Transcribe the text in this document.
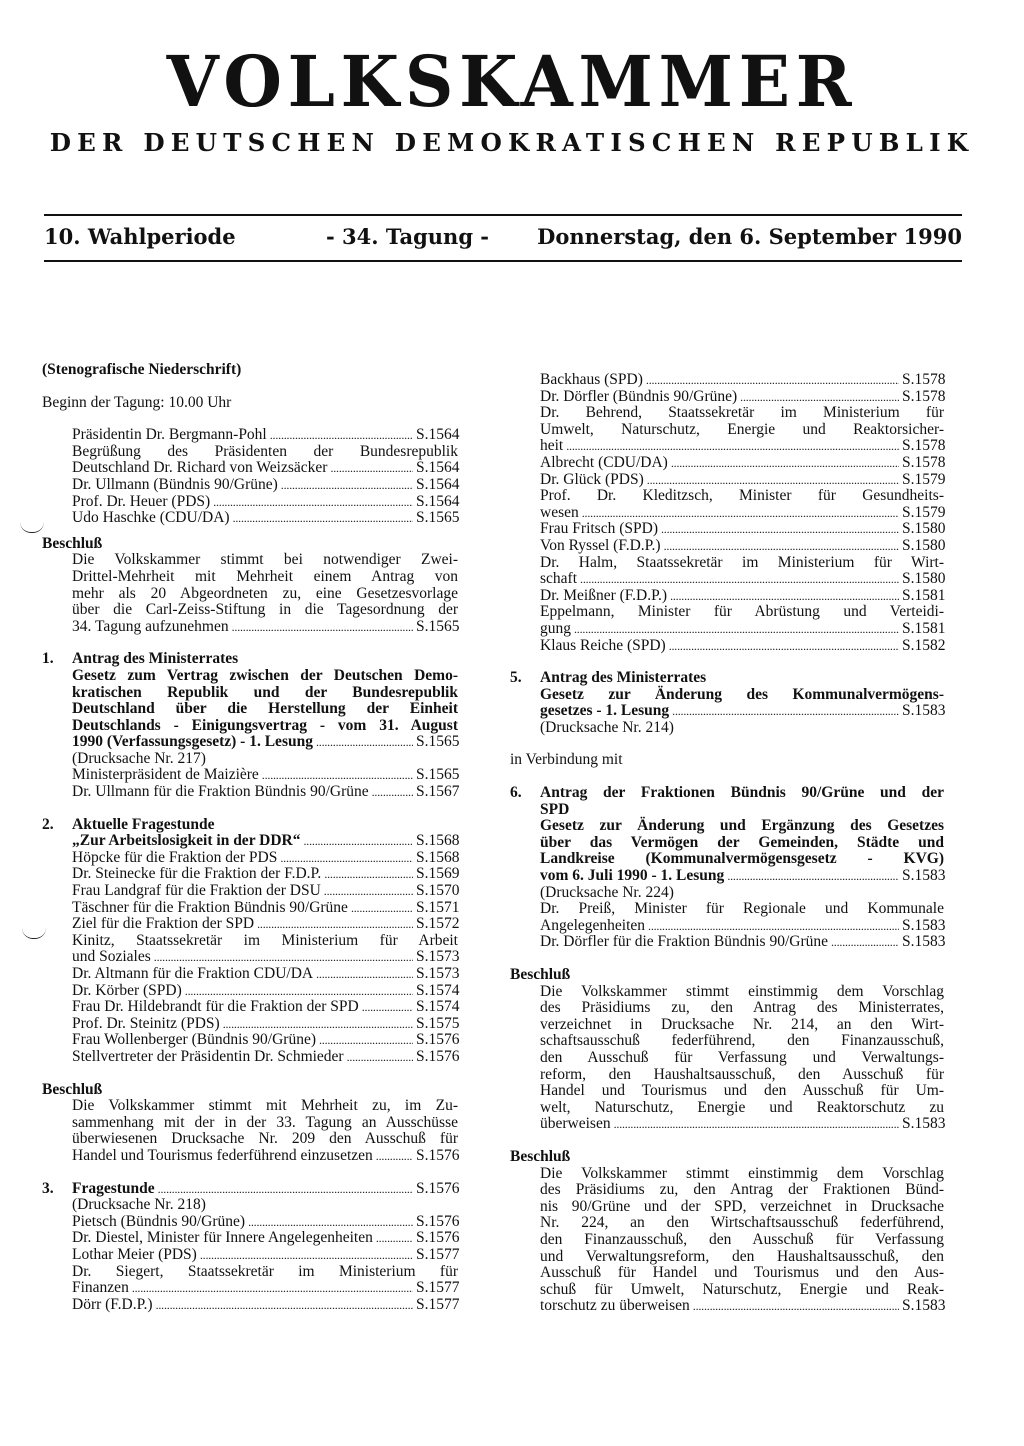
VOLKSKAMMER
DER DEUTSCHEN DEMOKRATISCHEN REPUBLIK
10. Wahlperiode	- 34. Tagung - Donnerstag, den 6. September 1990
(Stenografische Niederschrift)
Beginn der Tagung: 10.00 Uhr
Präsidentin Dr. Bergmann-Pohl . . .	S.1564
Begrüßung des Präsidenten der Bundesrepublik
Deutschland Dr. Richard von Weizsäcker . . .	S.1564
Dr. Ullmann (Bündnis 90/Grüne) . . .	S.1564
Prof. Dr. Heuer (PDS) . . .	S.1564
Udo Haschke (CDU/DA) . . .	S.1565
Beschluß
Die Volkskammer stimmt bei notwendiger Zwei-
Drittel-Mehrheit mit Mehrheit einem Antrag von
mehr als 20 Abgeordneten zu, eine Gesetzesvorlage
über die Carl-Zeiss-Stiftung in die Tagesordnung der
34. Tagung aufzunehmen . . .	S.1565
1.	Antrag des Ministerrates
Gesetz zum Vertrag zwischen der Deutschen Demo-
kratischen Republik und der Bundesrepublik
Deutschland über die Herstellung der Einheit
Deutschlands - Einigungsvertrag - vom 31. August
1990 (Verfassungsgesetz) - 1. Lesung . . .	S.1565
(Drucksache Nr. 217)
Ministerpräsident de Maizière . . .	S.1565
Dr. Ullmann für die Fraktion Bündnis 90/Grüne . . .	S.1567
2.	Aktuelle Fragestunde
„Zur Arbeitslosigkeit in der DDR“ . . .	S.1568
Höpcke für die Fraktion der PDS . . .	S.1568
Dr. Steinecke für die Fraktion der F.D.P. . . .	S.1569
Frau Landgraf für die Fraktion der DSU . . .	S.1570
Täschner für die Fraktion Bündnis 90/Grüne . . .	S.1571
Ziel für die Fraktion der SPD . . .	S.1572
Kinitz, Staatssekretär im Ministerium für Arbeit
und Soziales . . .	S.1573
Dr. Altmann für die Fraktion CDU/DA . . .	S.1573
Dr. Körber (SPD) . . .	S.1574
Frau Dr. Hildebrandt für die Fraktion der SPD . . .	S.1574
Prof. Dr. Steinitz (PDS) . . .	S.1575
Frau Wollenberger (Bündnis 90/Grüne) . . .	S.1576
Stellvertreter der Präsidentin Dr. Schmieder . . .	S.1576
Beschluß
Die Volkskammer stimmt mit Mehrheit zu, im Zu-
sammenhang mit der in der 33. Tagung an Ausschüsse
überwiesenen Drucksache Nr. 209 den Ausschuß für
Handel und Tourismus federführend einzusetzen . . .	S.1576
3.	Fragestunde . . .	S.1576
(Drucksache Nr. 218)
Pietsch (Bündnis 90/Grüne) . . .	S.1576
Dr. Diestel, Minister für Innere Angelegenheiten . . .	S.1576
Lothar Meier (PDS) . . .	S.1577
Dr. Siegert, Staatssekretär im Ministerium für
Finanzen . . .	S.1577
Dörr (F.D.P.) . . .	S.1577
Backhaus (SPD) . . .	S.1578
Dr. Dörfler (Bündnis 90/Grüne) . . .	S.1578
Dr. Behrend, Staatssekretär im Ministerium für
Umwelt, Naturschutz, Energie und Reaktorsicher-
heit . . .	S.1578
Albrecht (CDU/DA) . . .	S.1578
Dr. Glück (PDS) . . .	S.1579
Prof. Dr. Kleditzsch, Minister für Gesundheits-
wesen . . .	S.1579
Frau Fritsch (SPD) . . .	S.1580
Von Ryssel (F.D.P.) . . .	S.1580
Dr. Halm, Staatssekretär im Ministerium für Wirt-
schaft . . .	S.1580
Dr. Meißner (F.D.P.) . . .	S.1581
Eppelmann, Minister für Abrüstung und Verteidi-
gung . . .	S.1581
Klaus Reiche (SPD) . . .	S.1582
5.	Antrag des Ministerrates
Gesetz zur Änderung des Kommunalvermögens-
gesetzes - 1. Lesung . . .	S.1583
(Drucksache Nr. 214)
in Verbindung mit
6.	Antrag der Fraktionen Bündnis 90/Grüne und der
SPD
Gesetz zur Änderung und Ergänzung des Gesetzes
über das Vermögen der Gemeinden, Städte und
Landkreise (Kommunalvermögensgesetz - KVG)
vom 6. Juli 1990 - 1. Lesung . . .	S.1583
(Drucksache Nr. 224)
Dr. Preiß, Minister für Regionale und Kommunale
Angelegenheiten . . .	S.1583
Dr. Dörfler für die Fraktion Bündnis 90/Grüne . . .	S.1583
Beschluß
Die Volkskammer stimmt einstimmig dem Vorschlag
des Präsidiums zu, den Antrag des Ministerrates,
verzeichnet in Drucksache Nr. 214, an den Wirt-
schaftsausschuß federführend, den Finanzausschuß,
den Ausschuß für Verfassung und Verwaltungs-
reform, den Haushaltsausschuß, den Ausschuß für
Handel und Tourismus und den Ausschuß für Um-
welt, Naturschutz, Energie und Reaktorschutz zu
überweisen . . .	S.1583
Beschluß
Die Volkskammer stimmt einstimmig dem Vorschlag
des Präsidiums zu, den Antrag der Fraktionen Bünd-
nis 90/Grüne und der SPD, verzeichnet in Drucksache
Nr. 224, an den Wirtschaftsausschuß federführend,
den Finanzausschuß, den Ausschuß für Verfassung
und Verwaltungsreform, den Haushaltsausschuß, den
Ausschuß für Handel und Tourismus und den Aus-
schuß für Umwelt, Naturschutz, Energie und Reak-
torschutz zu überweisen . . .	S.1583
